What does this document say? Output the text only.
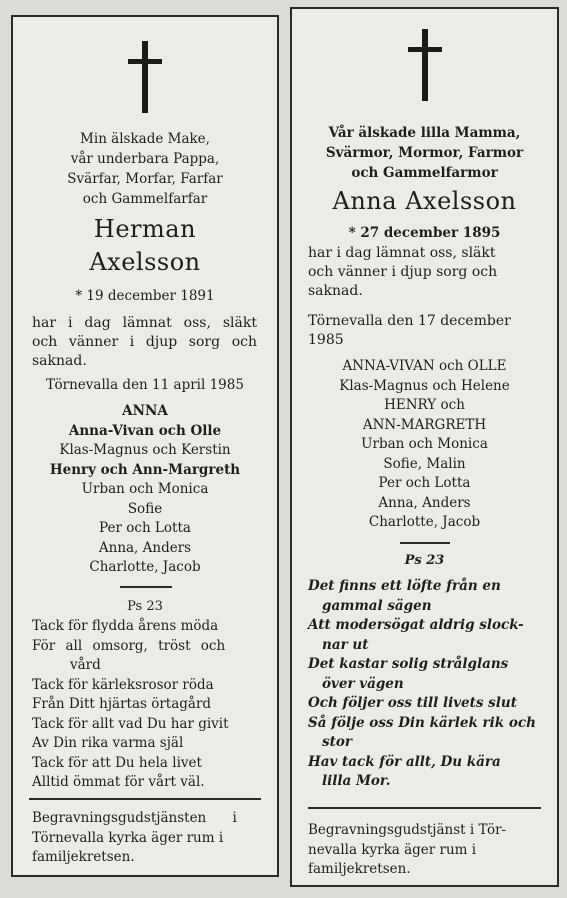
Min älskade Make,
vår underbara Pappa,
Svärfar, Morfar, Farfar
och Gammelfarfar
Herman
Axelsson
* 19 december 1891
har i dag lämnat oss, släkt
och vänner i djup sorg och
saknad.
Törnevalla den 11 april 1985
ANNA
Anna-Vivan och Olle
Klas-Magnus och Kerstin
Henry och Ann-Margreth
Urban och Monica
Sofie
Per och Lotta
Anna, Anders
Charlotte, Jacob
Ps 23
Tack för flydda årens möda
För all omsorg, tröst och
vård
Tack för kärleksrosor röda
Från Ditt hjärtas örtagård
Tack för allt vad Du har givit
Av Din rika varma själ
Tack för att Du hela livet
Alltid ömmat för vårt väl.
Begravningsgudstjänsten i
Törnevalla kyrka äger rum i
familjekretsen.
Vår älskade lilla Mamma,
Svärmor, Mormor, Farmor
och Gammelfarmor
Anna Axelsson
* 27 december 1895
har i dag lämnat oss, släkt
och vänner i djup sorg och
saknad.
Törnevalla den 17 december
1985
ANNA-VIVAN och OLLE
Klas-Magnus och Helene
HENRY och
ANN-MARGRETH
Urban och Monica
Sofie, Malin
Per och Lotta
Anna, Anders
Charlotte, Jacob
Ps 23
Det finns ett löfte från en
gammal sägen
Att modersögat aldrig slock-
nar ut
Det kastar solig strålglans
över vägen
Och följer oss till livets slut
Så följe oss Din kärlek rik och
stor
Hav tack för allt, Du kära
lilla Mor.
Begravningsgudstjänst i Tör-
nevalla kyrka äger rum i
familjekretsen.
